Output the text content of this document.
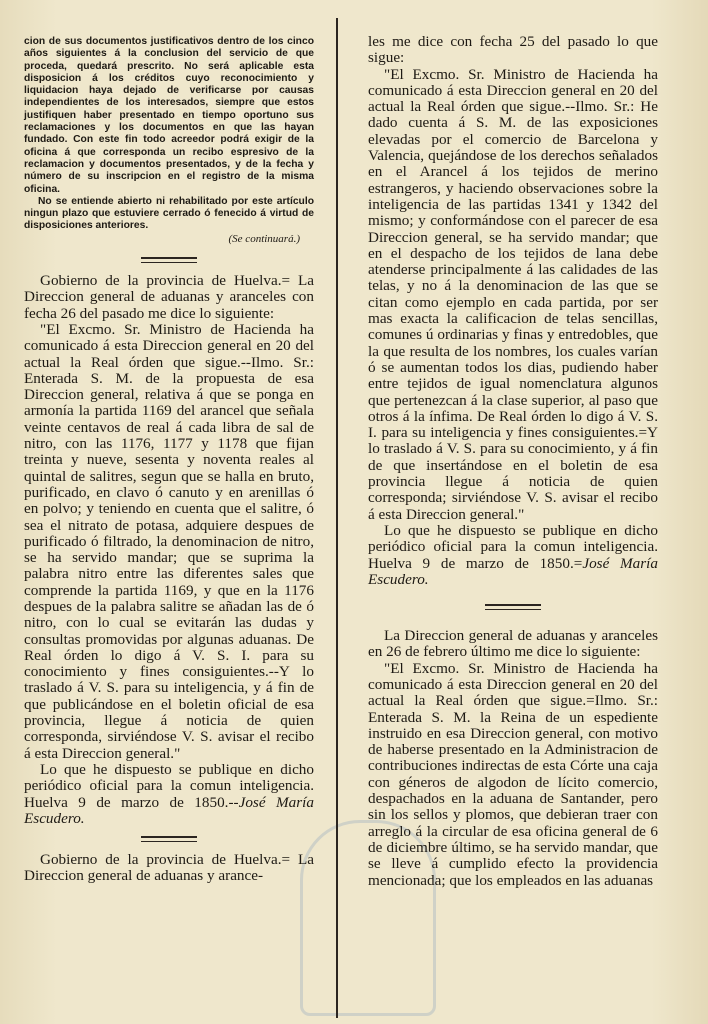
cion de sus documentos justificativos dentro de los cinco años siguientes á la conclusion del servicio de que proceda, quedará prescrito. No será aplicable esta disposicion á los créditos cuyo reconocimiento y liquidacion haya dejado de verificarse por causas independientes de los interesados, siempre que estos justifiquen haber presentado en tiempo oportuno sus reclamaciones y los documentos en que las hayan fundado. Con este fin todo acreedor podrá exigir de la oficina á que corresponda un recibo espresivo de la reclamacion y documentos presentados, y de la fecha y número de su inscripcion en el registro de la misma oficina.

No se entiende abierto ni rehabilitado por este artículo ningun plazo que estuviere cerrado ó fenecido á virtud de disposiciones anteriores.

(Se continuará.)

Gobierno de la provincia de Huelva.= La Direccion general de aduanas y aranceles con fecha 26 del pasado me dice lo siguiente:

"El Excmo. Sr. Ministro de Hacienda ha comunicado á esta Direccion general en 20 del actual la Real órden que sigue.--Ilmo. Sr.: Enterada S. M. de la propuesta de esa Direccion general, relativa á que se ponga en armonía la partida 1169 del arancel que señala veinte centavos de real á cada libra de sal de nitro, con las 1176, 1177 y 1178 que fijan treinta y nueve, sesenta y noventa reales al quintal de salitres, segun que se halla en bruto, purificado, en clavo ó canuto y en arenillas ó en polvo; y teniendo en cuenta que el salitre, ó sea el nitrato de potasa, adquiere despues de purificado ó filtrado, la denominacion de nitro, se ha servido mandar; que se suprima la palabra nitro entre las diferentes sales que comprende la partida 1169, y que en la 1176 despues de la palabra salitre se añadan las de ó nitro, con lo cual se evitarán las dudas y consultas promovidas por algunas aduanas. De Real órden lo digo á V. S. I. para su conocimiento y fines consiguientes.--Y lo traslado á V. S. para su inteligencia, y á fin de que publicándose en el boletin oficial de esa provincia, llegue á noticia de quien corresponda, sirviéndose V. S. avisar el recibo á esta Direccion general."

Lo que he dispuesto se publique en dicho periódico oficial para la comun inteligencia. Huelva 9 de marzo de 1850.--José María Escudero.

Gobierno de la provincia de Huelva.= La Direccion general de aduanas y arance-

les me dice con fecha 25 del pasado lo que sigue:

"El Excmo. Sr. Ministro de Hacienda ha comunicado á esta Direccion general en 20 del actual la Real órden que sigue.--Ilmo. Sr.: He dado cuenta á S. M. de las exposiciones elevadas por el comercio de Barcelona y Valencia, quejándose de los derechos señalados en el Arancel á los tejidos de merino estrangeros, y haciendo observaciones sobre la inteligencia de las partidas 1341 y 1342 del mismo; y conformándose con el parecer de esa Direccion general, se ha servido mandar; que en el despacho de los tejidos de lana debe atenderse principalmente á las calidades de las telas, y no á la denominacion de las que se citan como ejemplo en cada partida, por ser mas exacta la calificacion de telas sencillas, comunes ú ordinarias y finas y entredobles, que la que resulta de los nombres, los cuales varían ó se aumentan todos los dias, pudiendo haber entre tejidos de igual nomenclatura algunos que pertenezcan á la clase superior, al paso que otros á la ínfima. De Real órden lo digo á V. S. I. para su inteligencia y fines consiguientes.=Y lo traslado á V. S. para su conocimiento, y á fin de que insertándose en el boletin de esa provincia llegue á noticia de quien corresponda; sirviéndose V. S. avisar el recibo á esta Direccion general."

Lo que he dispuesto se publique en dicho periódico oficial para la comun inteligencia. Huelva 9 de marzo de 1850.=José María Escudero.

La Direccion general de aduanas y aranceles en 26 de febrero último me dice lo siguiente:

"El Excmo. Sr. Ministro de Hacienda ha comunicado á esta Direccion general en 20 del actual la Real órden que sigue.=Ilmo. Sr.: Enterada S. M. la Reina de un espediente instruido en esa Direccion general, con motivo de haberse presentado en la Administracion de contribuciones indirectas de esta Córte una caja con géneros de algodon de lícito comercio, despachados en la aduana de Santander, pero sin los sellos y plomos, que debieran traer con arreglo á la circular de esa oficina general de 6 de diciembre último, se ha servido mandar, que se lleve á cumplido efecto la providencia mencionada; que los empleados en las aduanas
